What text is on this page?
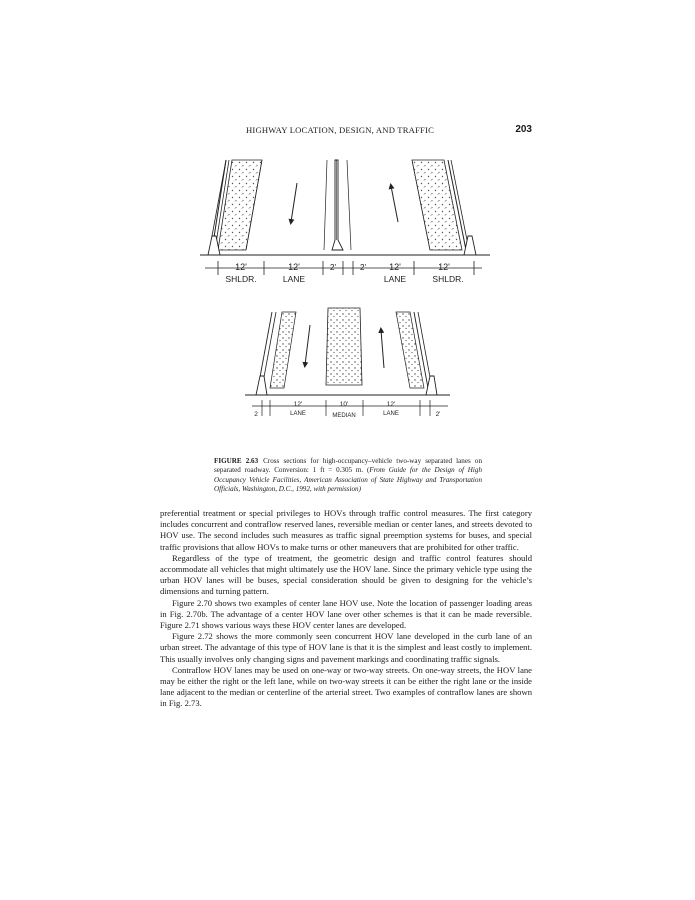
HIGHWAY LOCATION, DESIGN, AND TRAFFIC	203
12'	12'	2'	2'	12'	12'
SHLDR.	LANE	LANE	SHLDR.
2
12'	10'	12'
2'
LANE	MEDIAN	LANE
FIGURE 2.63 Cross sections for high-occupancy–vehicle two-way separated lanes on separated roadway. Conversion: 1 ft = 0.305 m. (From Guide for the Design of High Occupancy Vehicle Facilities, American Association of State Highway and Transportation Officials, Washington, D.C., 1992, with permission)

preferential treatment or special privileges to HOVs through traffic control measures. The first category includes concurrent and contraflow reserved lanes, reversible median or center lanes, and streets devoted to HOV use. The second includes such measures as traffic signal preemption systems for buses, and special traffic provisions that allow HOVs to make turns or other maneuvers that are prohibited for other traffic.

Regardless of the type of treatment, the geometric design and traffic control features should accommodate all vehicles that might ultimately use the HOV lane. Since the primary vehicle type using the urban HOV lanes will be buses, special consideration should be given to designing for the vehicle’s dimensions and turning pattern.

Figure 2.70 shows two examples of center lane HOV use. Note the location of passenger loading areas in Fig. 2.70b. The advantage of a center HOV lane over other schemes is that it can be made reversible. Figure 2.71 shows various ways these HOV center lanes are developed.

Figure 2.72 shows the more commonly seen concurrent HOV lane developed in the curb lane of an urban street. The advantage of this type of HOV lane is that it is the simplest and least costly to implement. This usually involves only changing signs and pavement markings and coordinating traffic signals.

Contraflow HOV lanes may be used on one-way or two-way streets. On one-way streets, the HOV lane may be either the right or the left lane, while on two-way streets it can be either the right lane or the inside lane adjacent to the median or centerline of the arterial street. Two examples of contraflow lanes are shown in Fig. 2.73.
